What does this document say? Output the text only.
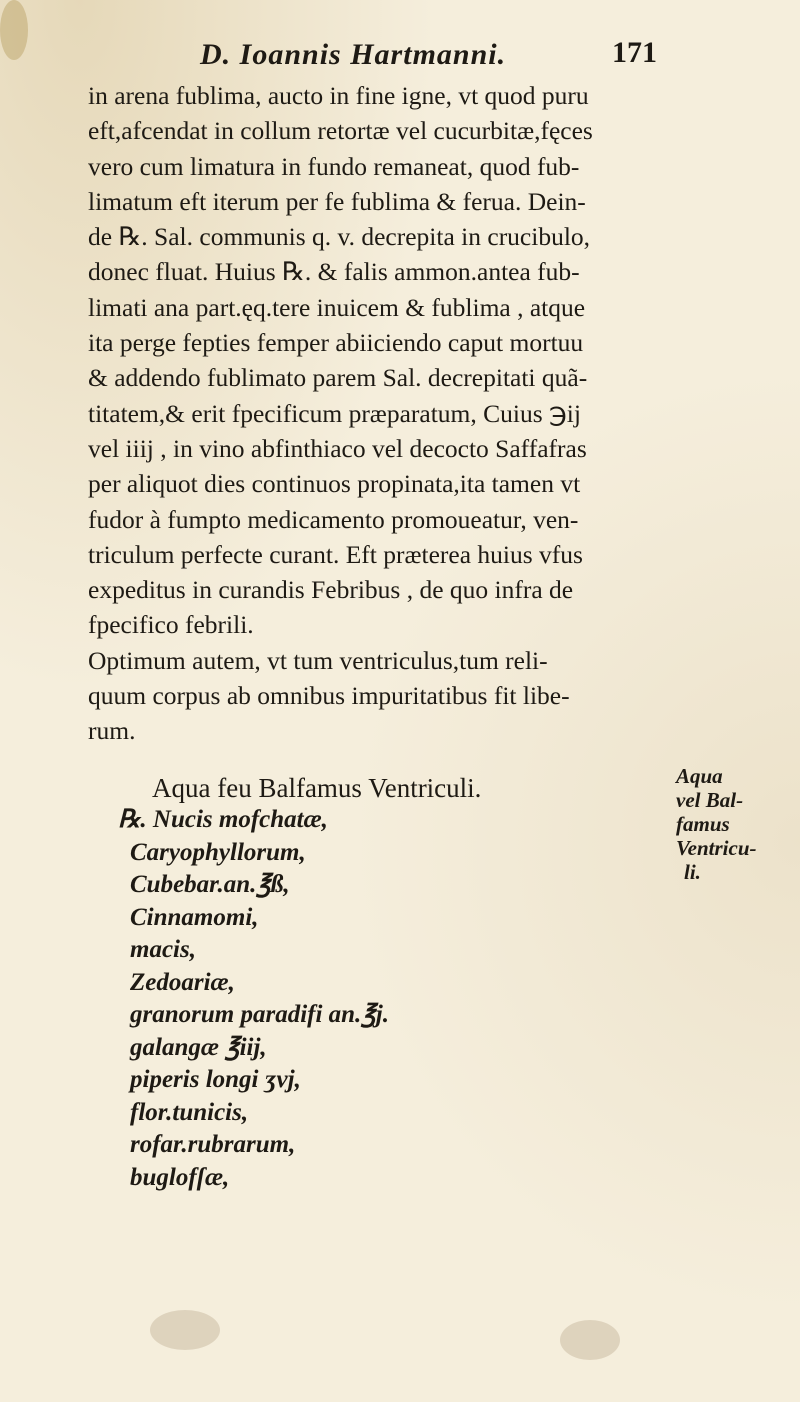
D. Ioannis Hartmanni.	171
in arena fublima, aucto in fine igne, vt quod puru
eft,afcendat in collum retortæ vel cucurbitæ,fęces
vero cum limatura in fundo remaneat, quod fub-
limatum eft iterum per fe fublima & ferua. Dein-
de ℞. Sal. communis q. v. decrepita in crucibulo,
donec fluat. Huius ℞. & falis ammon.antea fub-
limati ana part.ęq.tere inuicem & fublima , atque
ita perge fepties femper abiiciendo caput mortuu
& addendo fublimato parem Sal. decrepitati quã-
titatem,& erit fpecificum præparatum, Cuius ℈ij
vel iiij , in vino abfinthiaco vel decocto Saffafras
per aliquot dies continuos propinata,ita tamen vt
fudor à fumpto medicamento promoueatur, ven-
triculum perfecte curant. Eft præterea huius vfus
expeditus in curandis Febribus , de quo infra de
fpecifico febrili.
Optimum autem, vt tum ventriculus,tum reli-
quum corpus ab omnibus impuritatibus fit libe-
rum.
Aqua feu Balfamus Ventriculi.	Aqua
vel Bal-
famus
Ventricu-
li.
℞. Nucis mofchatæ,
Caryophyllorum,
Cubebar.an.℥ß,
Cinnamomi,
macis,
Zedoariæ,
granorum paradifi an.℥j.
galangæ ℥iij,
piperis longi ʒvj,
flor.tunicis,
rofar.rubrarum,
buglofſæ,
